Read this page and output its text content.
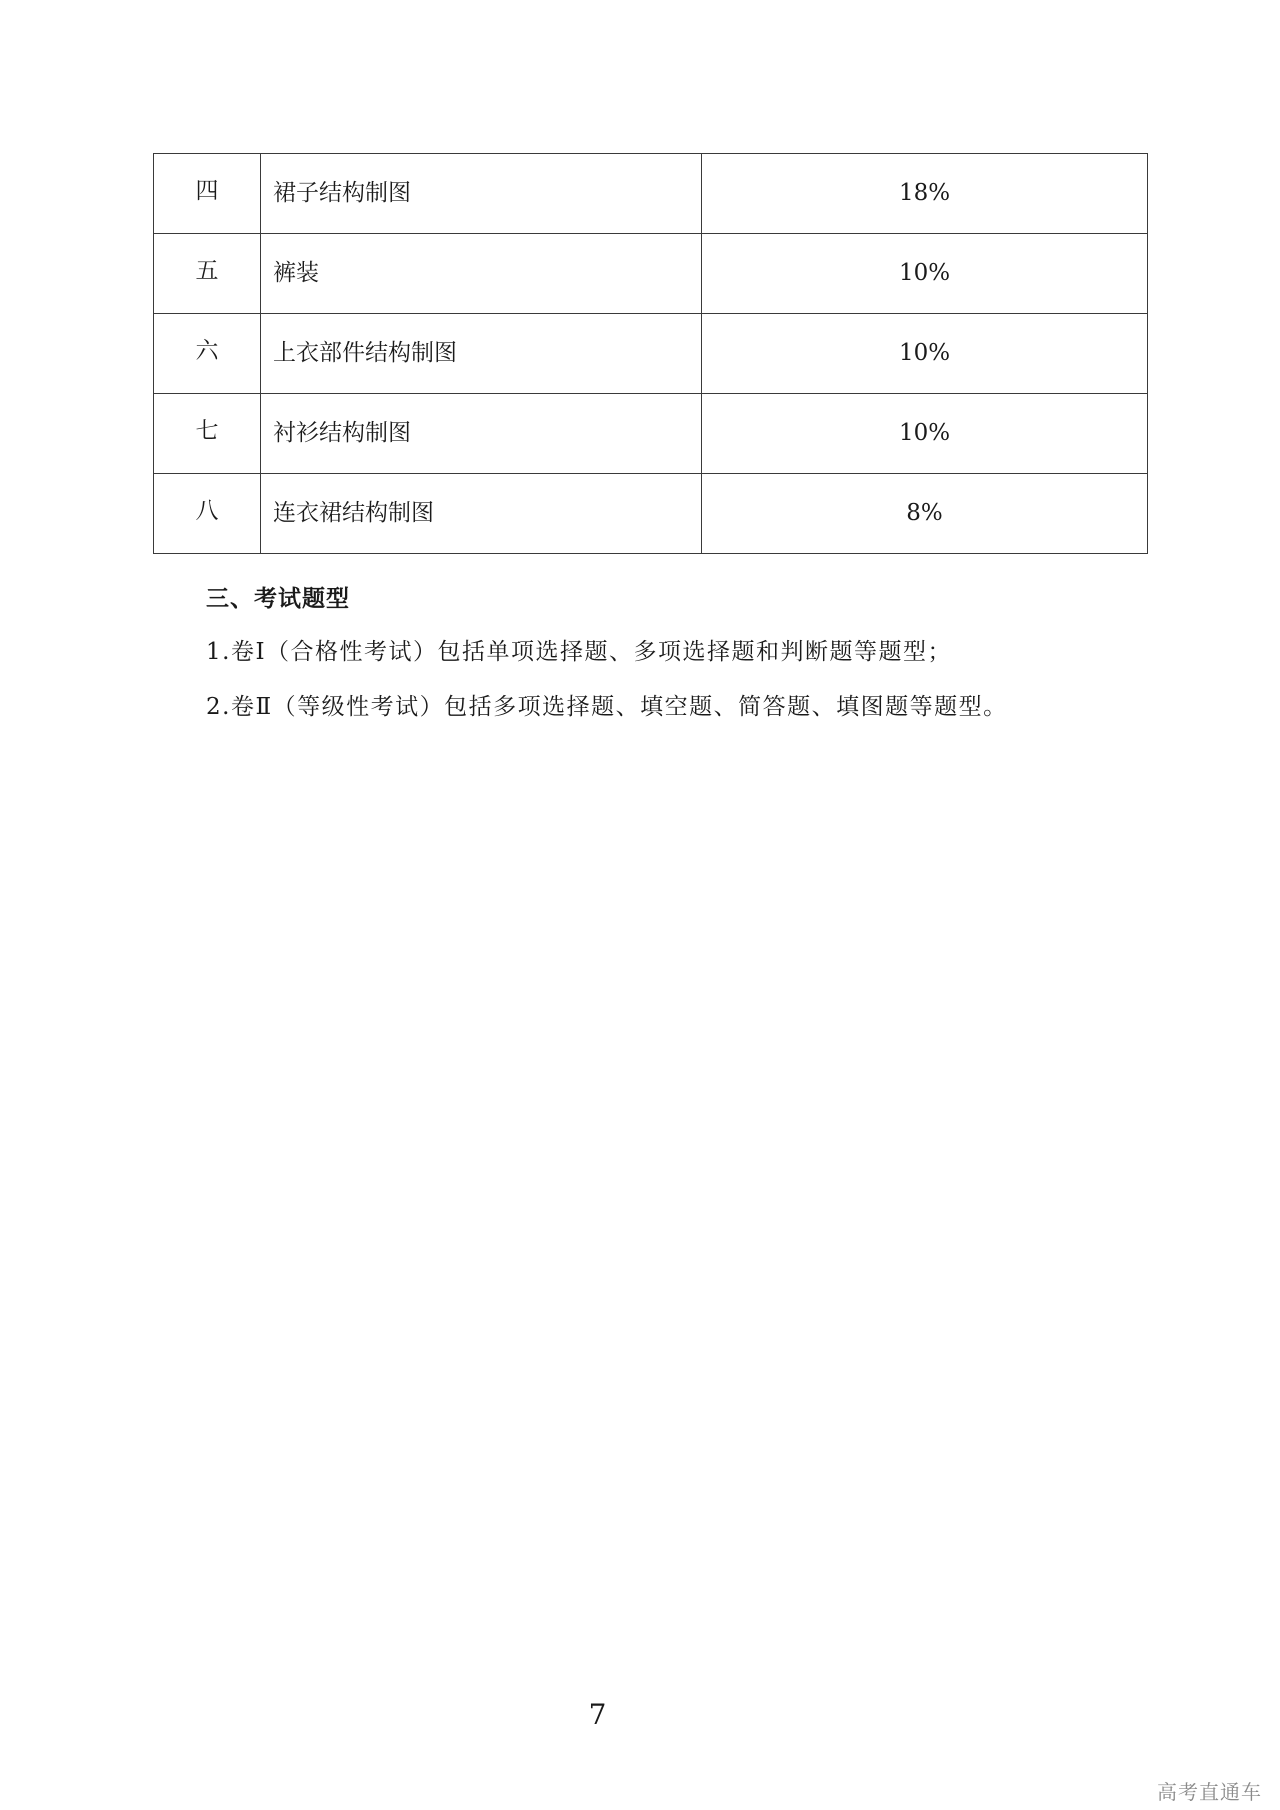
四	裙子结构制图	18%
五	裤装	10%
六	上衣部件结构制图	10%
七	衬衫结构制图	10%
八	连衣裙结构制图	8%
三、考试题型
1.卷Ⅰ（合格性考试）包括单项选择题、多项选择题和判断题等题型；
2.卷Ⅱ（等级性考试）包括多项选择题、填空题、简答题、填图题等题型。
7
高考直通车
